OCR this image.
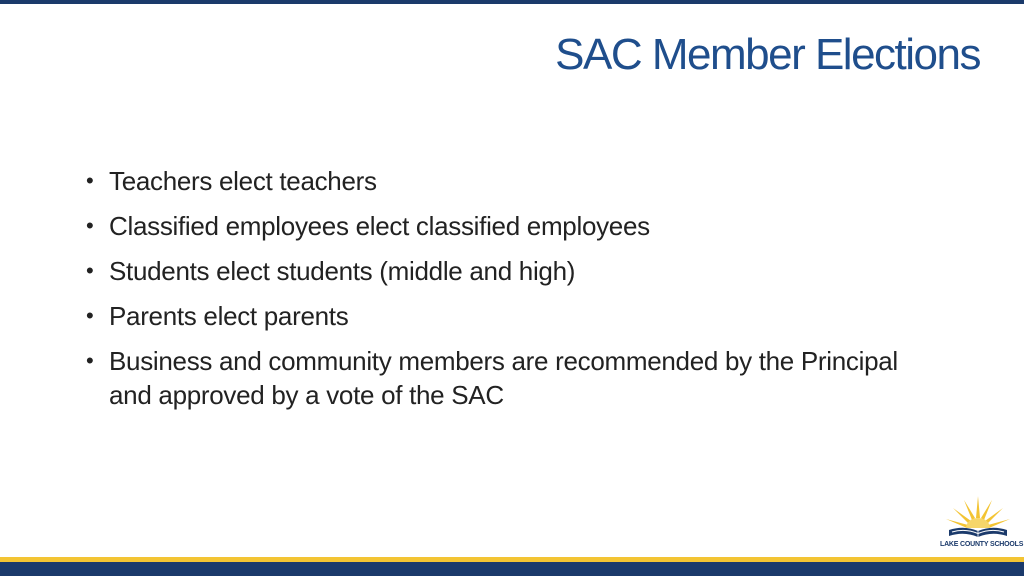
SAC Member Elections
• Teachers elect teachers
• Classified employees elect classified employees
• Students elect students (middle and high)
• Parents elect parents
• Business and community members are recommended by the Principal and approved by a vote of the SAC
LAKE COUNTY SCHOOLS
